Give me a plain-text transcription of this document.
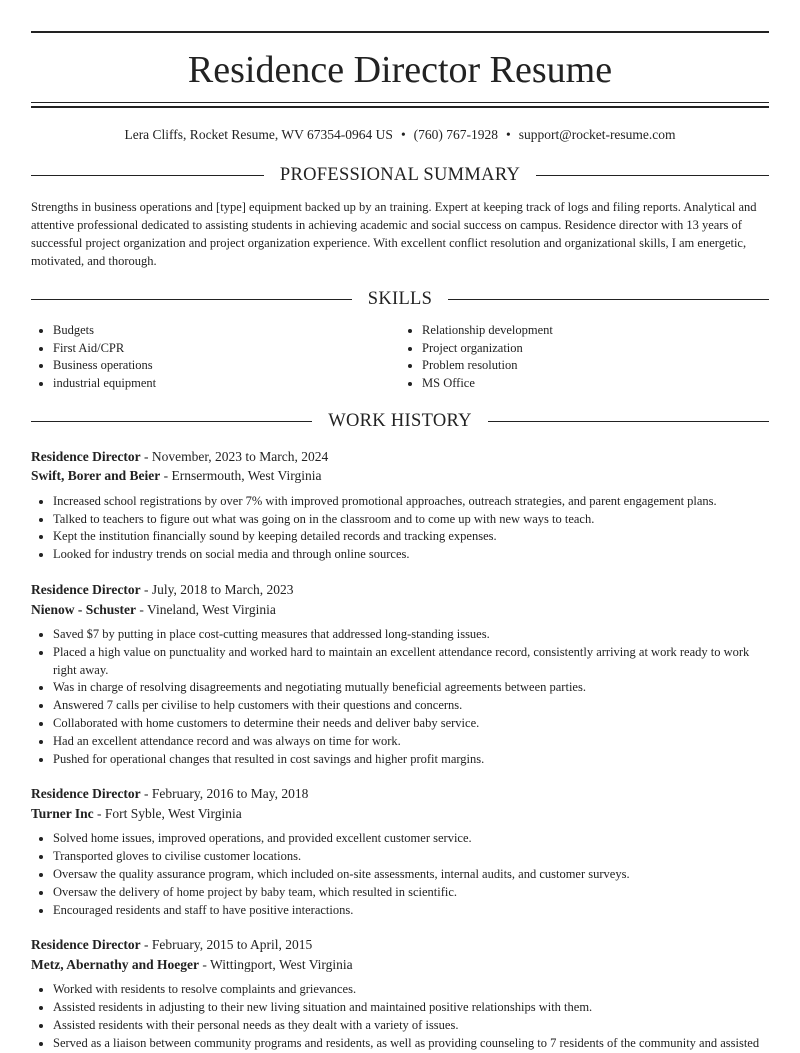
Residence Director Resume
Lera Cliffs, Rocket Resume, WV 67354-0964 US • (760) 767-1928 • support@rocket-resume.com
PROFESSIONAL SUMMARY
Strengths in business operations and [type] equipment backed up by an training. Expert at keeping track of logs and filing reports. Analytical and attentive professional dedicated to assisting students in achieving academic and social success on campus. Residence director with 13 years of successful project organization and project organization experience. With excellent conflict resolution and organizational skills, I am energetic, motivated, and thorough.
SKILLS
• Budgets
• First Aid/CPR
• Business operations
• industrial equipment
• Relationship development
• Project organization
• Problem resolution
• MS Office
WORK HISTORY
Residence Director - November, 2023 to March, 2024
Swift, Borer and Beier - Ernsermouth, West Virginia
• Increased school registrations by over 7% with improved promotional approaches, outreach strategies, and parent engagement plans.
• Talked to teachers to figure out what was going on in the classroom and to come up with new ways to teach.
• Kept the institution financially sound by keeping detailed records and tracking expenses.
• Looked for industry trends on social media and through online sources.
Residence Director - July, 2018 to March, 2023
Nienow - Schuster - Vineland, West Virginia
• Saved $7 by putting in place cost-cutting measures that addressed long-standing issues.
• Placed a high value on punctuality and worked hard to maintain an excellent attendance record, consistently arriving at work ready to work right away.
• Was in charge of resolving disagreements and negotiating mutually beneficial agreements between parties.
• Answered 7 calls per civilise to help customers with their questions and concerns.
• Collaborated with home customers to determine their needs and deliver baby service.
• Had an excellent attendance record and was always on time for work.
• Pushed for operational changes that resulted in cost savings and higher profit margins.
Residence Director - February, 2016 to May, 2018
Turner Inc - Fort Syble, West Virginia
• Solved home issues, improved operations, and provided excellent customer service.
• Transported gloves to civilise customer locations.
• Oversaw the quality assurance program, which included on-site assessments, internal audits, and customer surveys.
• Oversaw the delivery of home project by baby team, which resulted in scientific.
• Encouraged residents and staff to have positive interactions.
Residence Director - February, 2015 to April, 2015
Metz, Abernathy and Hoeger - Wittingport, West Virginia
• Worked with residents to resolve complaints and grievances.
• Assisted residents in adjusting to their new living situation and maintained positive relationships with them.
• Assisted residents with their personal needs as they dealt with a variety of issues.
• Served as a liaison between community programs and residents, as well as providing counseling to 7 residents of the community and assisted
